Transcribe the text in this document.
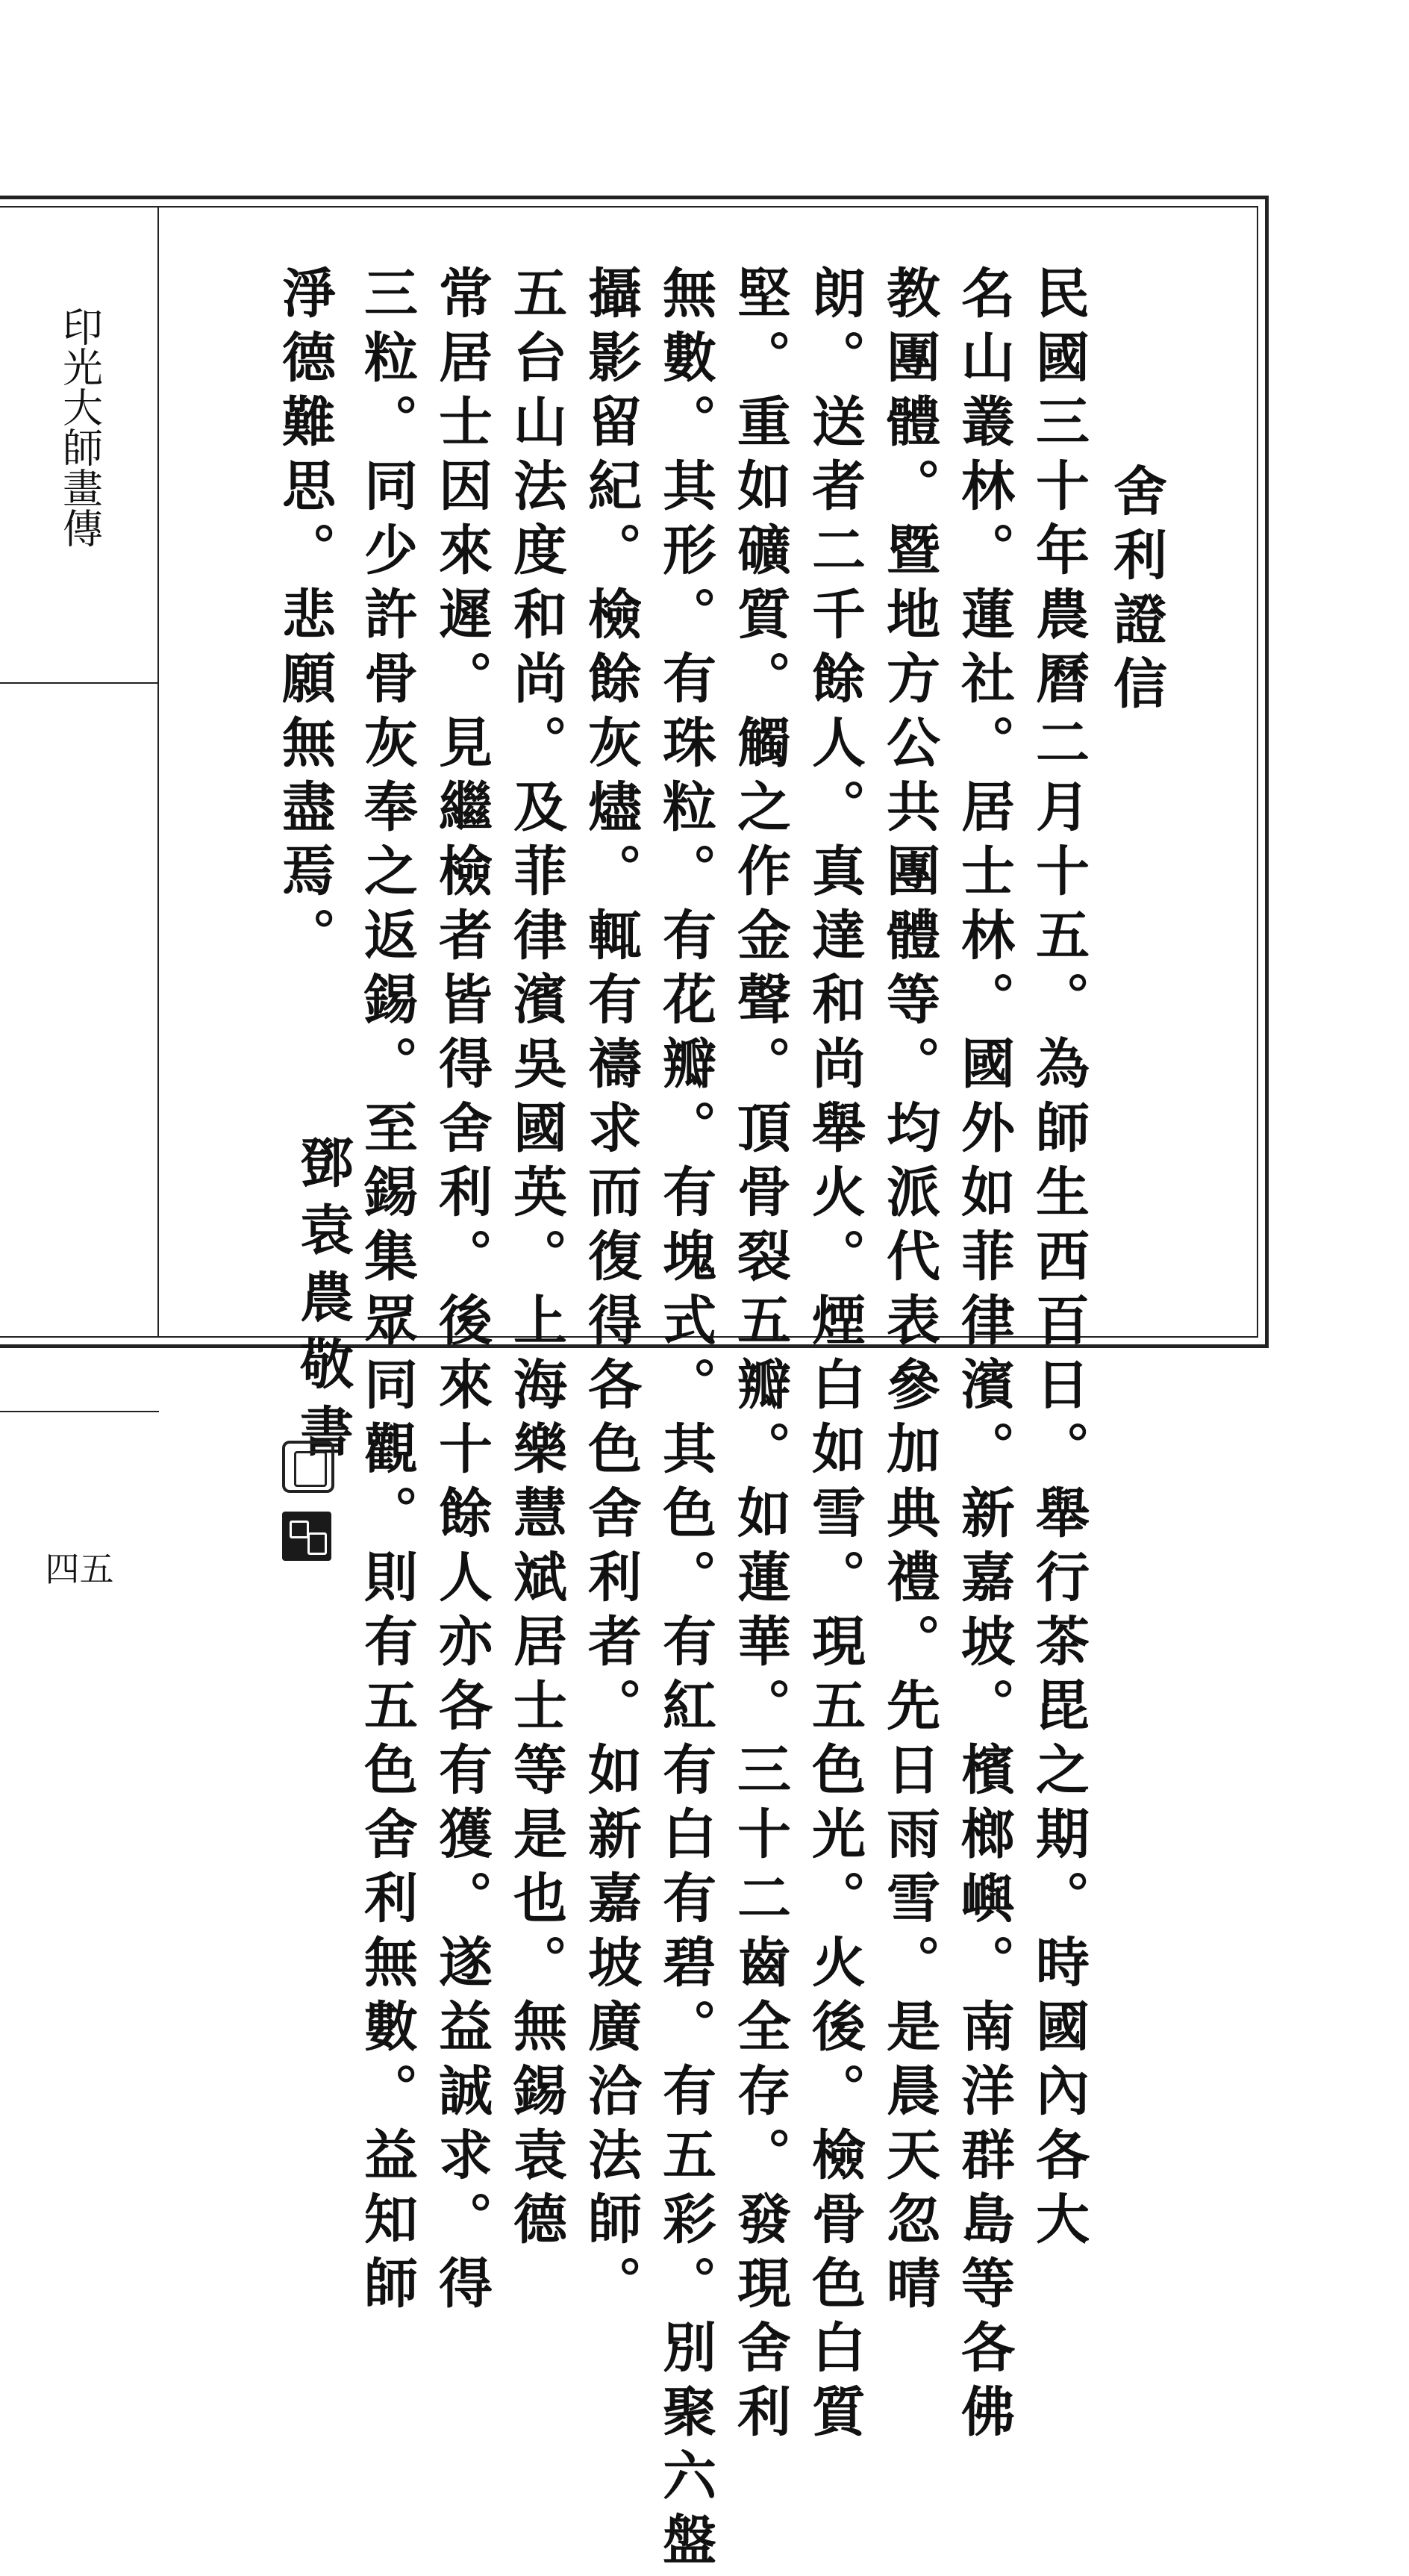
印
光
大
師
畫
傳
四五
舍利證信
民國三十年農曆二月十五。為師生西百日。舉行茶毘之期。時國內各大
名山叢林。蓮社。居士林。國外如菲律濱。新嘉坡。檳榔嶼。南洋群島等各佛
教團體。暨地方公共團體等。均派代表參加典禮。先日雨雪。是晨天忽晴
朗。送者二千餘人。真達和尚舉火。煙白如雪。現五色光。火後。檢骨色白質
堅。重如礦質。觸之作金聲。頂骨裂五瓣。如蓮華。三十二齒全存。發現舍利
無數。其形。有珠粒。有花瓣。有塊式。其色。有紅有白有碧。有五彩。別聚六盤
攝影留紀。檢餘灰燼。輒有禱求而復得各色舍利者。如新嘉坡廣洽法師。
五台山法度和尚。及菲律濱吳國英。上海樂慧斌居士等是也。無錫袁德
常居士因來遲。見繼檢者皆得舍利。後來十餘人亦各有獲。遂益誠求。得
三粒。同少許骨灰奉之返錫。至錫集眾同觀。則有五色舍利無數。益知師
淨德難思。悲願無盡焉。
鄧袁農敬書
